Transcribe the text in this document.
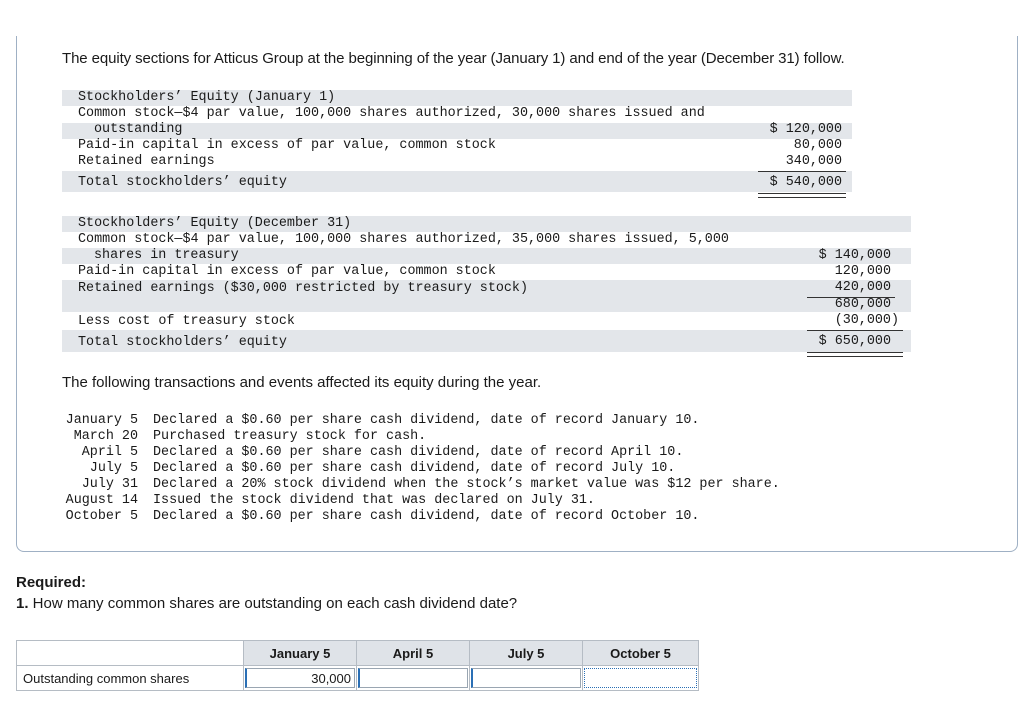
The equity sections for Atticus Group at the beginning of the year (January 1) and end of the year (December 31) follow.
Stockholders’ Equity (January 1)
Common stock—$4 par value, 100,000 shares authorized, 30,000 shares issued and
outstanding	$ 120,000
Paid-in capital in excess of par value, common stock	80,000
Retained earnings	340,000
Total stockholders’ equity	$ 540,000
Stockholders’ Equity (December 31)
Common stock—$4 par value, 100,000 shares authorized, 35,000 shares issued, 5,000
shares in treasury	$ 140,000
Paid-in capital in excess of par value, common stock	120,000
Retained earnings ($30,000 restricted by treasury stock)	420,000
680,000
Less cost of treasury stock	(30,000)
Total stockholders’ equity	$ 650,000
The following transactions and events affected its equity during the year.
January 5 Declared a $0.60 per share cash dividend, date of record January 10.
March 20 Purchased treasury stock for cash.
April 5 Declared a $0.60 per share cash dividend, date of record April 10.
July 5 Declared a $0.60 per share cash dividend, date of record July 10.
July 31 Declared a 20% stock dividend when the stock’s market value was $12 per share.
August 14 Issued the stock dividend that was declared on July 31.
October 5 Declared a $0.60 per share cash dividend, date of record October 10.
Required:
1. How many common shares are outstanding on each cash dividend date?
	January 5	April 5	July 5	October 5
Outstanding common shares	30,000			
